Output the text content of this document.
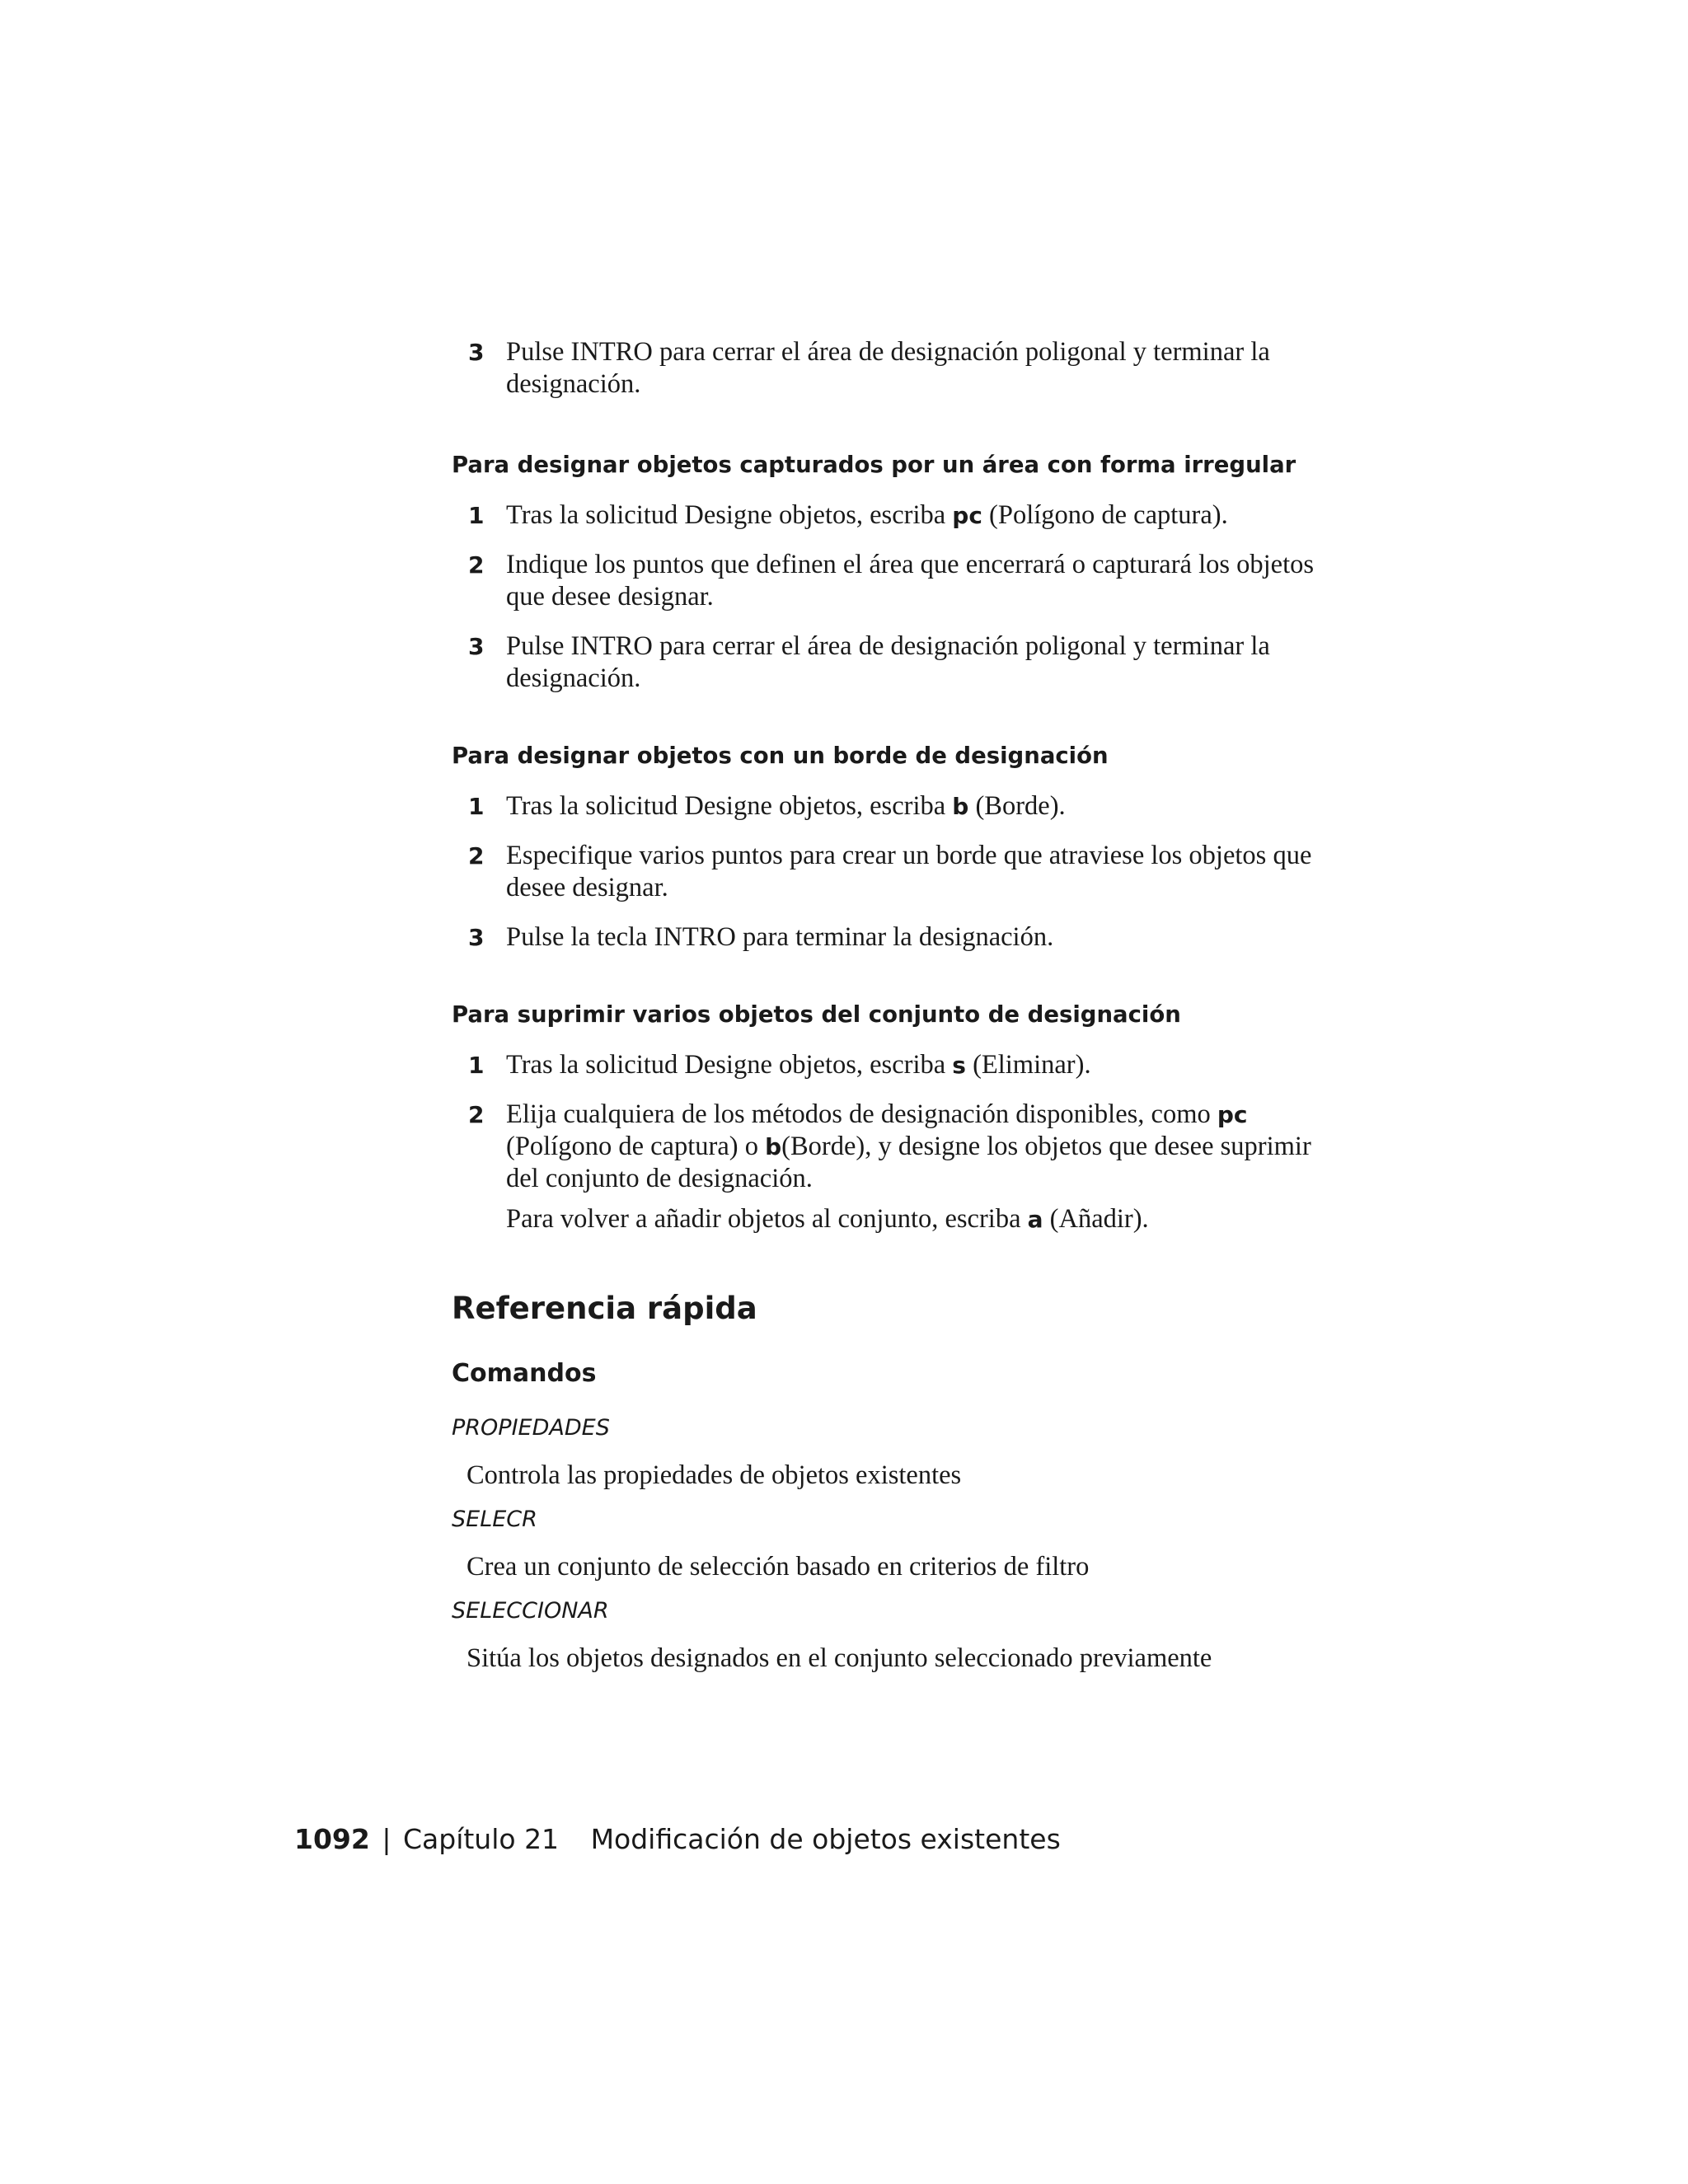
3 Pulse INTRO para cerrar el área de designación poligonal y terminar la designación.
Para designar objetos capturados por un área con forma irregular
1 Tras la solicitud Designe objetos, escriba pc (Polígono de captura).
2 Indique los puntos que definen el área que encerrará o capturará los objetos que desee designar.
3 Pulse INTRO para cerrar el área de designación poligonal y terminar la designación.
Para designar objetos con un borde de designación
1 Tras la solicitud Designe objetos, escriba b (Borde).
2 Especifique varios puntos para crear un borde que atraviese los objetos que desee designar.
3 Pulse la tecla INTRO para terminar la designación.
Para suprimir varios objetos del conjunto de designación
1 Tras la solicitud Designe objetos, escriba s (Eliminar).
2 Elija cualquiera de los métodos de designación disponibles, como pc (Polígono de captura) o b(Borde), y designe los objetos que desee suprimir del conjunto de designación.
Para volver a añadir objetos al conjunto, escriba a (Añadir).
Referencia rápida
Comandos

PROPIEDADES

Controla las propiedades de objetos existentes

SELECR

Crea un conjunto de selección basado en criterios de filtro

SELECCIONAR

Sitúa los objetos designados en el conjunto seleccionado previamente

1092 | Capítulo 21 Modificación de objetos existentes
